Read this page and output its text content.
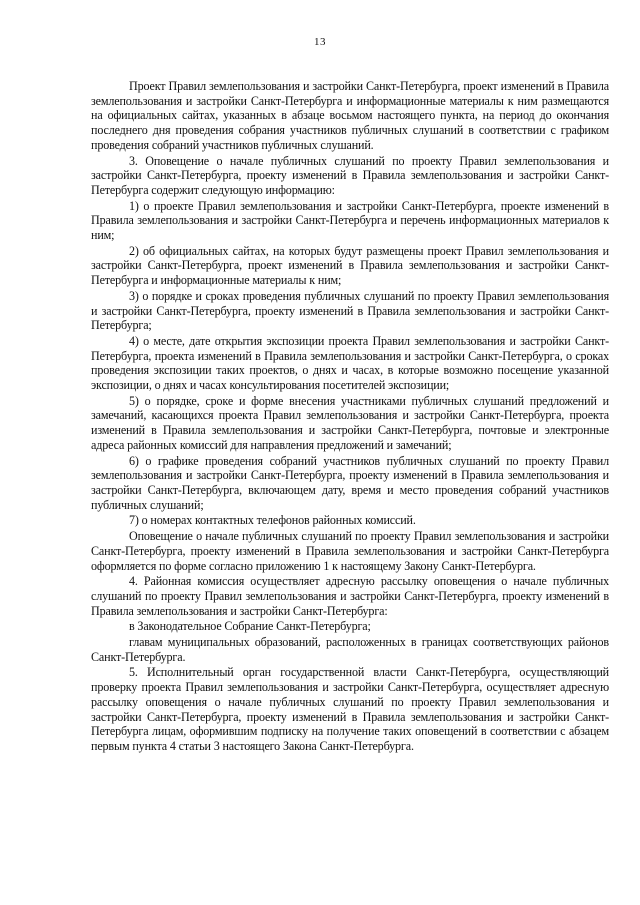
13

Проект Правил землепользования и застройки Санкт-Петербурга, проект изменений в Правила землепользования и застройки Санкт-Петербурга и информационные материалы к ним размещаются на официальных сайтах, указанных в абзаце восьмом настоящего пункта, на период до окончания последнего дня проведения собрания участников публичных слушаний в соответствии с графиком проведения собраний участников публичных слушаний.

3. Оповещение о начале публичных слушаний по проекту Правил землепользования и застройки Санкт-Петербурга, проекту изменений в Правила землепользования и застройки Санкт-Петербурга содержит следующую информацию:

1) о проекте Правил землепользования и застройки Санкт-Петербурга, проекте изменений в Правила землепользования и застройки Санкт-Петербурга и перечень информационных материалов к ним;

2) об официальных сайтах, на которых будут размещены проект Правил землепользования и застройки Санкт-Петербурга, проект изменений в Правила землепользования и застройки Санкт-Петербурга и информационные материалы к ним;

3) о порядке и сроках проведения публичных слушаний по проекту Правил землепользования и застройки Санкт-Петербурга, проекту изменений в Правила землепользования и застройки Санкт-Петербурга;

4) о месте, дате открытия экспозиции проекта Правил землепользования и застройки Санкт-Петербурга, проекта изменений в Правила землепользования и застройки Санкт-Петербурга, о сроках проведения экспозиции таких проектов, о днях и часах, в которые возможно посещение указанной экспозиции, о днях и часах консультирования посетителей экспозиции;

5) о порядке, сроке и форме внесения участниками публичных слушаний предложений и замечаний, касающихся проекта Правил землепользования и застройки Санкт-Петербурга, проекта изменений в Правила землепользования и застройки Санкт-Петербурга, почтовые и электронные адреса районных комиссий для направления предложений и замечаний;

6) о графике проведения собраний участников публичных слушаний по проекту Правил землепользования и застройки Санкт-Петербурга, проекту изменений в Правила землепользования и застройки Санкт-Петербурга, включающем дату, время и место проведения собраний участников публичных слушаний;

7) о номерах контактных телефонов районных комиссий.

Оповещение о начале публичных слушаний по проекту Правил землепользования и застройки Санкт-Петербурга, проекту изменений в Правила землепользования и застройки Санкт-Петербурга оформляется по форме согласно приложению 1 к настоящему Закону Санкт-Петербурга.

4. Районная комиссия осуществляет адресную рассылку оповещения о начале публичных слушаний по проекту Правил землепользования и застройки Санкт-Петербурга, проекту изменений в Правила землепользования и застройки Санкт-Петербурга:

в Законодательное Собрание Санкт-Петербурга;

главам муниципальных образований, расположенных в границах соответствующих районов Санкт-Петербурга.

5. Исполнительный орган государственной власти Санкт-Петербурга, осуществляющий проверку проекта Правил землепользования и застройки Санкт-Петербурга, осуществляет адресную рассылку оповещения о начале публичных слушаний по проекту Правил землепользования и застройки Санкт-Петербурга, проекту изменений в Правила землепользования и застройки Санкт-Петербурга лицам, оформившим подписку на получение таких оповещений в соответствии с абзацем первым пункта 4 статьи 3 настоящего Закона Санкт-Петербурга.
